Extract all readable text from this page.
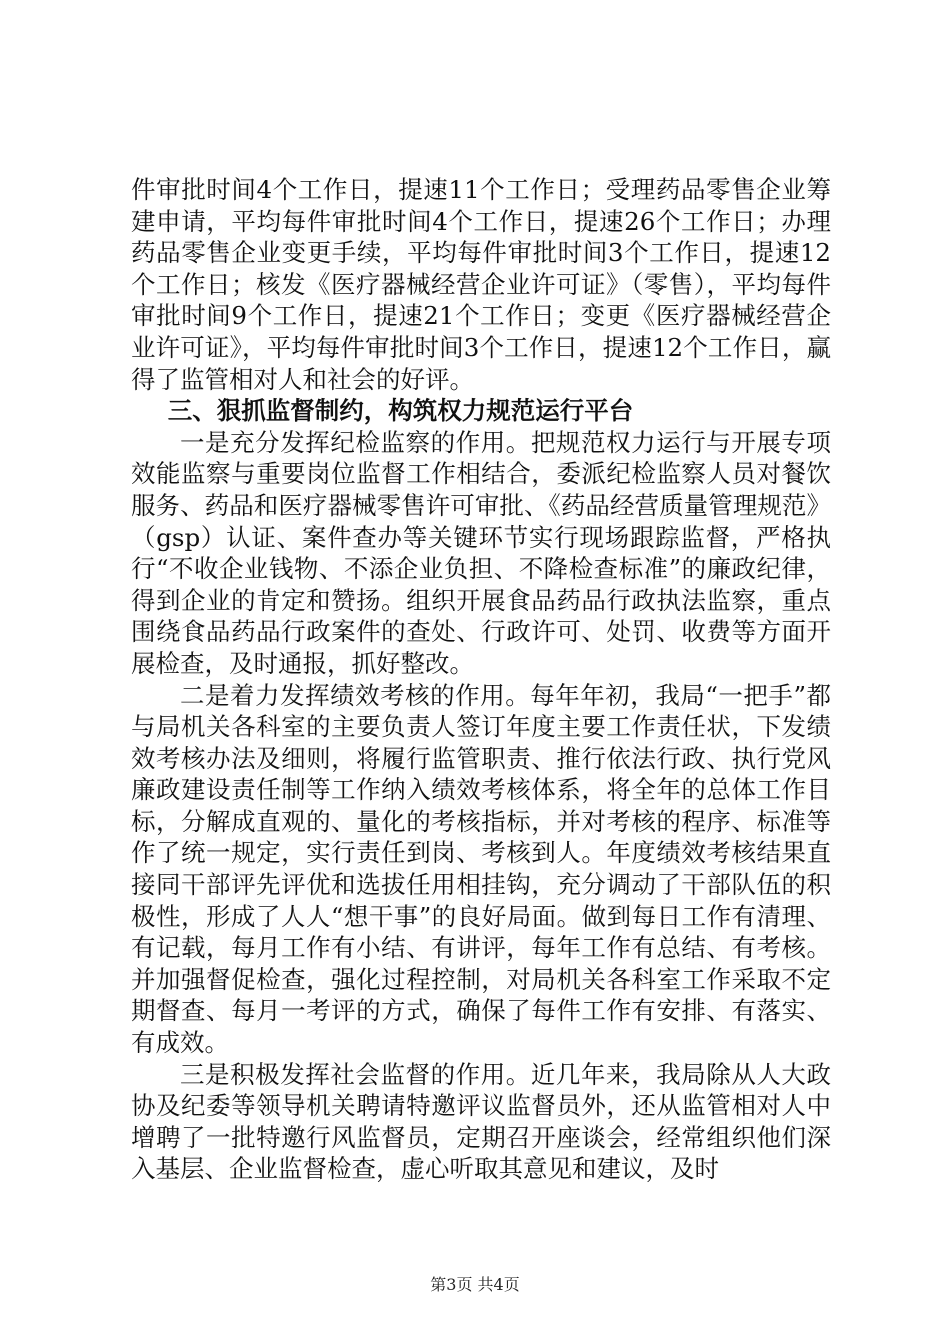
件审批时间4个工作日，提速11个工作日；受理药品零售企业筹建申请，平均每件审批时间4个工作日，提速26个工作日；办理药品零售企业变更手续，平均每件审批时间3个工作日，提速12个工作日；核发《医疗器械经营企业许可证》（零售），平均每件审批时间9个工作日，提速21个工作日；变更《医疗器械经营企业许可证》，平均每件审批时间3个工作日，提速12个工作日，赢得了监管相对人和社会的好评。

三、狠抓监督制约，构筑权力规范运行平台

一是充分发挥纪检监察的作用。把规范权力运行与开展专项效能监察与重要岗位监督工作相结合，委派纪检监察人员对餐饮服务、药品和医疗器械零售许可审批、《药品经营质量管理规范》（gsp）认证、案件查办等关键环节实行现场跟踪监督，严格执行“不收企业钱物、不添企业负担、不降检查标准”的廉政纪律，得到企业的肯定和赞扬。组织开展食品药品行政执法监察，重点围绕食品药品行政案件的查处、行政许可、处罚、收费等方面开展检查，及时通报，抓好整改。

二是着力发挥绩效考核的作用。每年年初，我局“一把手”都与局机关各科室的主要负责人签订年度主要工作责任状，下发绩效考核办法及细则，将履行监管职责、推行依法行政、执行党风廉政建设责任制等工作纳入绩效考核体系，将全年的总体工作目标，分解成直观的、量化的考核指标，并对考核的程序、标准等作了统一规定，实行责任到岗、考核到人。年度绩效考核结果直接同干部评先评优和选拔任用相挂钩，充分调动了干部队伍的积极性，形成了人人“想干事”的良好局面。做到每日工作有清理、有记载，每月工作有小结、有讲评，每年工作有总结、有考核。并加强督促检查，强化过程控制，对局机关各科室工作采取不定期督查、每月一考评的方式，确保了每件工作有安排、有落实、有成效。

三是积极发挥社会监督的作用。近几年来，我局除从人大政协及纪委等领导机关聘请特邀评议监督员外，还从监管相对人中增聘了一批特邀行风监督员，定期召开座谈会，经常组织他们深入基层、企业监督检查，虚心听取其意见和建议，及时

第3页 共4页
